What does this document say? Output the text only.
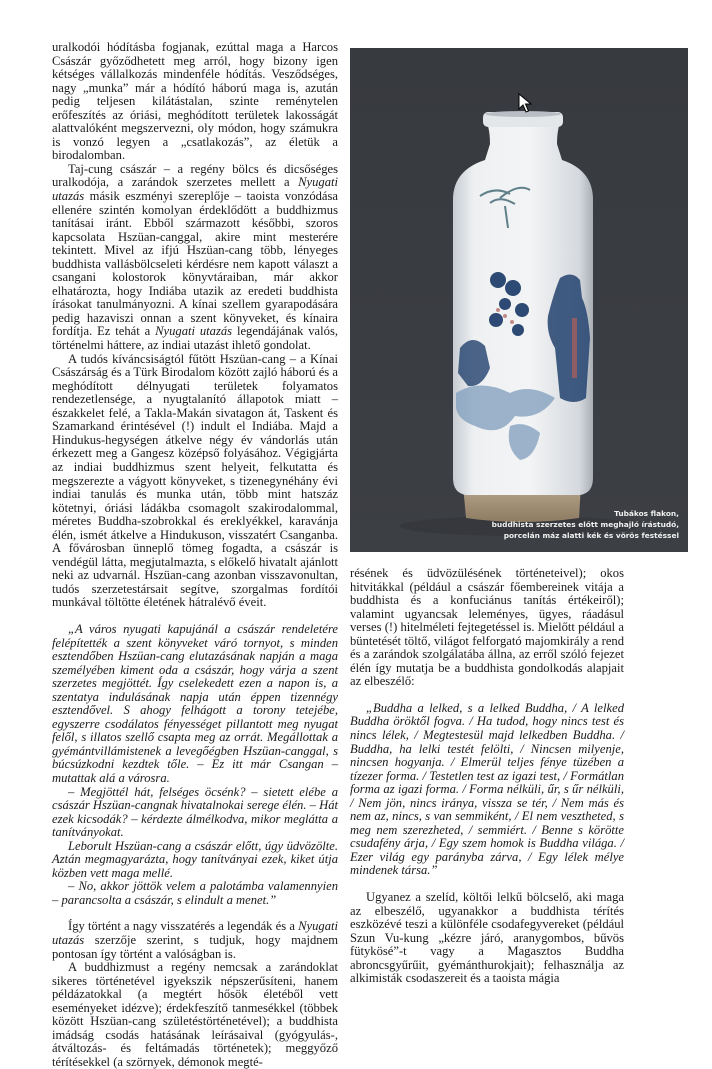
uralkodói hódításba fogjanak, ezúttal maga a Harcos Császár győződhetett meg arról, hogy bizony igen kétséges vállalkozás mindenféle hódítás. Vesződséges, nagy „munka” már a hódító háború maga is, azután pedig teljesen kilátástalan, szinte reménytelen erőfeszítés az óriási, meghódított területek lakosságát alattvalóként megszervezni, oly módon, hogy számukra is vonzó legyen a „csatlakozás”, az életük a birodalomban.

Taj-cung császár – a regény bölcs és dicsőséges uralkodója, a zarándok szerzetes mellett a Nyugati utazás másik eszményi szereplője – taoista vonzódása ellenére szintén komolyan érdeklődött a buddhizmus tanításai iránt. Ebből származott későbbi, szoros kapcsolata Hszüan-canggal, akire mint mesterére tekintett. Mivel az ifjú Hszüan-cang több, lényeges buddhista vallásbölcseleti kérdésre nem kapott választ a csangani kolostorok könyvtáraiban, már akkor elhatározta, hogy Indiába utazik az eredeti buddhista írásokat tanulmányozni. A kínai szellem gyarapodására pedig hazaviszi onnan a szent könyveket, és kínaira fordítja. Ez tehát a Nyugati utazás legendájának valós, történelmi háttere, az indiai utazást ihlető gondolat.

A tudós kíváncsiságtól fűtött Hszüan-cang – a Kínai Császárság és a Türk Birodalom között zajló háború és a meghódított délnyugati területek folyamatos rendezetlensége, a nyugtalanító állapotok miatt – északkelet felé, a Takla-Makán sivatagon át, Taskent és Szamarkand érintésével (!) indult el Indiába. Majd a Hindukus-hegységen átkelve négy év vándorlás után érkezett meg a Gangesz középső folyásához. Végigjárta az indiai buddhizmus szent helyeit, felkutatta és megszerezte a vágyott könyveket, s tizenegynéhány évi indiai tanulás és munka után, több mint hatszáz kötetnyi, óriási ládákba csomagolt szakirodalommal, méretes Buddha-szobrokkal és ereklyékkel, karavánja élén, ismét átkelve a Hindukuson, visszatért Csanganba. A fővárosban ünneplő tömeg fogadta, a császár is vendégül látta, megjutalmazta, s előkelő hivatalt ajánlott neki az udvarnál. Hszüan-cang azonban visszavonultan, tudós szerzetestársait segítve, szorgalmas fordítói munkával töltötte életének hátralévő éveit.

„A város nyugati kapujánál a császár rendeletére felépítették a szent könyveket váró tornyot, s minden esztendőben Hszüan-cang elutazásának napján a maga személyében kiment oda a császár, hogy várja a szent szerzetes megjöttét. Így cselekedett ezen a napon is, a szentatya indulásának napja után éppen tizennégy esztendővel. S ahogy felhágott a torony tetejébe, egyszerre csodálatos fényességet pillantott meg nyugat felől, s illatos szellő csapta meg az orrát. Megállottak a gyémántvillámistenek a levegőégben Hszüan-canggal, s búcsúzkodni kezdtek tőle. – Ez itt már Csangan – mutattak alá a városra.

– Megjöttél hát, felséges öcsénk? – sietett elébe a császár Hszüan-cangnak hivatalnokai serege élén. – Hát ezek kicsodák? – kérdezte álmélkodva, mikor meglátta a tanítványokat.

Leborult Hszüan-cang a császár előtt, úgy üdvözölte. Aztán megmagyarázta, hogy tanítványai ezek, kiket útja közben vett maga mellé.

– No, akkor jöttök velem a palotámba valamennyien – parancsolta a császár, s elindult a menet.”

Így történt a nagy visszatérés a legendák és a Nyugati utazás szerzője szerint, s tudjuk, hogy majdnem pontosan így történt a valóságban is.

A buddhizmust a regény nemcsak a zarándoklat sikeres történetével igyekszik népszerűsíteni, hanem példázatokkal (a megtért hősök életéből vett eseményeket idézve); érdekfeszítő tanmesékkel (többek között Hszüan-cang születéstörténetével); a buddhista imádság csodás hatásának leírásaival (gyógyulás-, átváltozás- és feltámadás történetek); meggyőző térítésekkel (a szörnyek, démonok megté-

Tubákos flakon,
buddhista szerzetes előtt meghajló írástudó,
porcelán máz alatti kék és vörös festéssel

résének és üdvözülésének történeteivel); okos hitvitákkal (például a császár főembereinek vitája a buddhista és a konfuciánus tanítás értékeiről); valamint ugyancsak leleményes, ügyes, ráadásul verses (!) hitelméleti fejtegetéssel is. Mielőtt például a büntetését töltő, világot felforgató majomkirály a rend és a zarándok szolgálatába állna, az erről szóló fejezet élén így mutatja be a buddhista gondolkodás alapjait az elbeszélő:

„Buddha a lelked, s a lelked Buddha, / A lelked Buddha öröktől fogva. / Ha tudod, hogy nincs test és nincs lélek, / Megtestesül majd lelkedben Buddha. / Buddha, ha lelki testét felölti, / Nincsen milyenje, nincsen hogyanja. / Elmerül teljes fénye tüzében a tízezer forma. / Testetlen test az igazi test, / Formátlan forma az igazi forma. / Forma nélküli, űr, s űr nélküli, / Nem jön, nincs iránya, vissza se tér, / Nem más és nem az, nincs, s van semmiként, / El nem vesztheted, s meg nem szerezheted, / semmiért. / Benne s körötte csudafény árja, / Egy szem homok is Buddha világa. / Ezer világ egy parányba zárva, / Egy lélek mélye mindenek társa.”

Ugyanez a szelíd, költői lelkű bölcselő, aki maga az elbeszélő, ugyanakkor a buddhista térítés eszközévé teszi a különféle csodafegyvereket (például Szun Vu-kung „kézre járó, aranygombos, bűvös fütykösé”-t vagy a Magasztos Buddha abroncsgyűrűit, gyémánthurokjait); felhasználja az alkimisták csodaszereit és a taoista mágia
